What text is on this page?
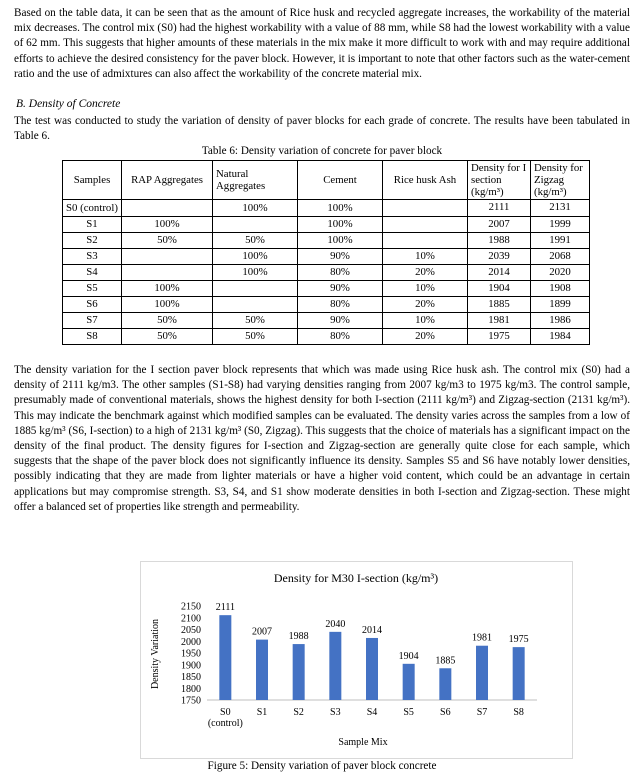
Based on the table data, it can be seen that as the amount of Rice husk and recycled aggregate increases, the workability of the material mix decreases. The control mix (S0) had the highest workability with a value of 88 mm, while S8 had the lowest workability with a value of 62 mm. This suggests that higher amounts of these materials in the mix make it more difficult to work with and may require additional efforts to achieve the desired consistency for the paver block. However, it is important to note that other factors such as the water-cement ratio and the use of admixtures can also affect the workability of the concrete material mix.
B. Density of Concrete
The test was conducted to study the variation of density of paver blocks for each grade of concrete. The results have been tabulated in Table 6.
Table 6: Density variation of concrete for paver block
Samples	RAP Aggregates	Natural Aggregates	Cement	Rice husk Ash	Density for I section (kg/m³)	Density for Zigzag (kg/m³)
S0 (control)		100%	100%		2111	2131
S1	100%		100%		2007	1999
S2	50%	50%	100%		1988	1991
S3		100%	90%	10%	2039	2068
S4		100%	80%	20%	2014	2020
S5	100%		90%	10%	1904	1908
S6	100%		80%	20%	1885	1899
S7	50%	50%	90%	10%	1981	1986
S8	50%	50%	80%	20%	1975	1984
The density variation for the I section paver block represents that which was made using Rice husk ash. The control mix (S0) had a density of 2111 kg/m3. The other samples (S1-S8) had varying densities ranging from 2007 kg/m3 to 1975 kg/m3. The control sample, presumably made of conventional materials, shows the highest density for both I-section (2111 kg/m³) and Zigzag-section (2131 kg/m³). This may indicate the benchmark against which modified samples can be evaluated. The density varies across the samples from a low of 1885 kg/m³ (S6, I-section) to a high of 2131 kg/m³ (S0, Zigzag). This suggests that the choice of materials has a significant impact on the density of the final product. The density figures for I-section and Zigzag-section are generally quite close for each sample, which suggests that the shape of the paver block does not significantly influence its density. Samples S5 and S6 have notably lower densities, possibly indicating that they are made from lighter materials or have a higher void content, which could be an advantage in certain applications but may compromise strength. S3, S4, and S1 show moderate densities in both I-section and Zigzag-section. These might offer a balanced set of properties like strength and permeability.
Density for M30 I-section (kg/m³)
Density Variation
Sample Mix
1750
1800
1850
1900
1950
2000
2050
2100
2150 2111
S0
(control)
2007
S1
1988
S2
2040
S3
2014
S4
1904
S5
1885
S6
1981
S7
1975
S8
Figure 5: Density variation of paver block concrete
